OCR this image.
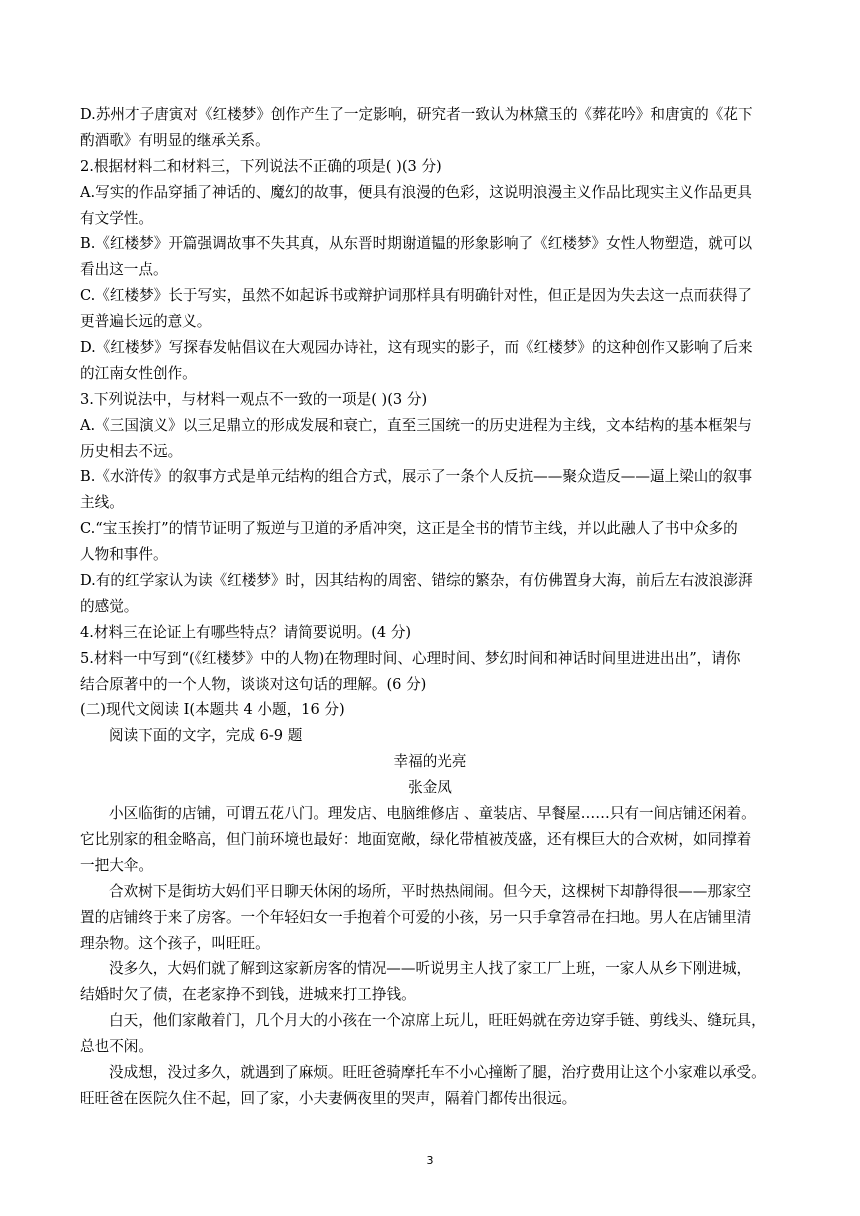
D.苏州才子唐寅对《红楼梦》创作产生了一定影响，研究者一致认为林黛玉的《葬花吟》和唐寅的《花下
酌酒歌》有明显的继承关系。
2.根据材料二和材料三，下列说法不正确的项是( )(3 分)
A.写实的作品穿插了神话的、魔幻的故事，便具有浪漫的色彩，这说明浪漫主义作品比现实主义作品更具
有文学性。
B.《红楼梦》开篇强调故事不失其真，从东晋时期谢道韫的形象影响了《红楼梦》女性人物塑造，就可以
看出这一点。
C.《红楼梦》长于写实，虽然不如起诉书或辩护词那样具有明确针对性，但正是因为失去这一点而获得了
更普遍长远的意义。
D.《红楼梦》写探春发帖倡议在大观园办诗社，这有现实的影子，而《红楼梦》的这种创作又影响了后来
的江南女性创作。
3.下列说法中，与材料一观点不一致的一项是( )(3 分)
A.《三国演义》以三足鼎立的形成发展和衰亡，直至三国统一的历史进程为主线，文本结构的基本框架与
历史相去不远。
B.《水浒传》的叙事方式是单元结构的组合方式，展示了一条个人反抗——聚众造反——逼上梁山的叙事
主线。
C.“宝玉挨打”的情节证明了叛逆与卫道的矛盾冲突，这正是全书的情节主线，并以此融人了书中众多的
人物和事件。
D.有的红学家认为读《红楼梦》时，因其结构的周密、错综的繁杂，有仿佛置身大海，前后左右波浪澎湃
的感觉。
4.材料三在论证上有哪些特点？请简要说明。(4 分)
5.材料一中写到“(《红楼梦》中的人物)在物理时间、心理时间、梦幻时间和神话时间里进进出出”，请你
结合原著中的一个人物，谈谈对这句话的理解。(6 分)
(二)现代文阅读 I(本题共 4 小题，16 分)
阅读下面的文字，完成 6-9 题
幸福的光亮
张金凤
小区临街的店铺，可谓五花八门。理发店、电脑维修店 、童装店、早餐屋……只有一间店铺还闲着。
它比别家的租金略高，但门前环境也最好：地面宽敞，绿化带植被茂盛，还有棵巨大的合欢树，如同撑着
一把大伞。
合欢树下是街坊大妈们平日聊天休闲的场所，平时热热闹闹。但今天，这棵树下却静得很——那家空
置的店铺终于来了房客。一个年轻妇女一手抱着个可爱的小孩，另一只手拿笤帚在扫地。男人在店铺里清
理杂物。这个孩子，叫旺旺。
没多久，大妈们就了解到这家新房客的情况——听说男主人找了家工厂上班，一家人从乡下刚进城，
结婚时欠了债，在老家挣不到钱，进城来打工挣钱。
白天，他们家敞着门，几个月大的小孩在一个凉席上玩儿，旺旺妈就在旁边穿手链、剪线头、缝玩具，
总也不闲。
没成想，没过多久，就遇到了麻烦。旺旺爸骑摩托车不小心撞断了腿，治疗费用让这个小家难以承受。
旺旺爸在医院久住不起，回了家，小夫妻俩夜里的哭声，隔着门都传出很远。
3
